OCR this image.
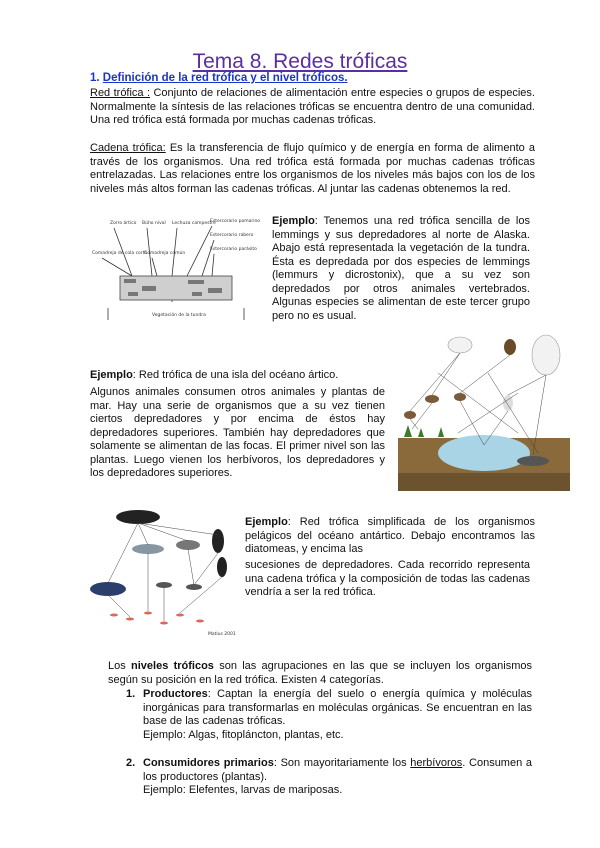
Tema 8. Redes tróficas
1. Definición de la red trófica y el nivel tróficos.
Red trófica : Conjunto de relaciones de alimentación entre especies o grupos de especies. Normalmente la síntesis de las relaciones tróficas se encuentra dentro de una comunidad. Una red trófica está formada por muchas cadenas tróficas.
Cadena trófica: Es la transferencia de flujo químico y de energía en forma de alimento a través de los organismos. Una red trófica está formada por muchas cadenas tróficas entrelazadas. Las relaciones entre los organismos de los niveles más bajos con los de los niveles más altos forman las cadenas tróficas. Al juntar las cadenas obtenemos la red.
Zorro ártico Búho nival Lechuza campestre
Estercorario pomarino
Comadreja de cola corta
Comadreja común
Estercorario rabero
Estercorario parásito
Vegetación de la tundra
Ejemplo: Tenemos una red trófica sencilla de los lemmings y sus depredadores al norte de Alaska. Abajo está representada la vegetación de la tundra. Ésta es depredada por dos especies de lemmings (lemmurs y dicrostonix), que a su vez son depredados por otros animales vertebrados. Algunas especies se alimentan de este tercer grupo pero no es usual.
Ejemplo: Red trófica de una isla del océano ártico.
Algunos animales consumen otros animales y plantas de mar. Hay una serie de organismos que a su vez tienen ciertos depredadores y por encima de éstos hay depredadores superiores. También hay depredadores que solamente se alimentan de las focas. El primer nivel son las plantas. Luego vienen los herbívoros, los depredadores y los depredadores superiores.
Matíus 2001
Ejemplo: Red trófica simplificada de los organismos pelágicos del océano antártico. Debajo encontramos las diatomeas, y encima las
sucesiones de depredadores. Cada recorrido representa una cadena trófica y la composición de todas las cadenas vendría a ser la red trófica.
Los niveles tróficos son las agrupaciones en las que se incluyen los organismos según su posición en la red trófica. Existen 4 categorías.
1. Productores: Captan la energía del suelo o energía química y moléculas inorgánicas para transformarlas en moléculas orgánicas. Se encuentran en las base de las cadenas tróficas.
Ejemplo: Algas, fitopláncton, plantas, etc.
2. Consumidores primarios: Son mayoritariamente los herbívoros. Consumen a los productores (plantas).
Ejemplo: Elefentes, larvas de mariposas.
